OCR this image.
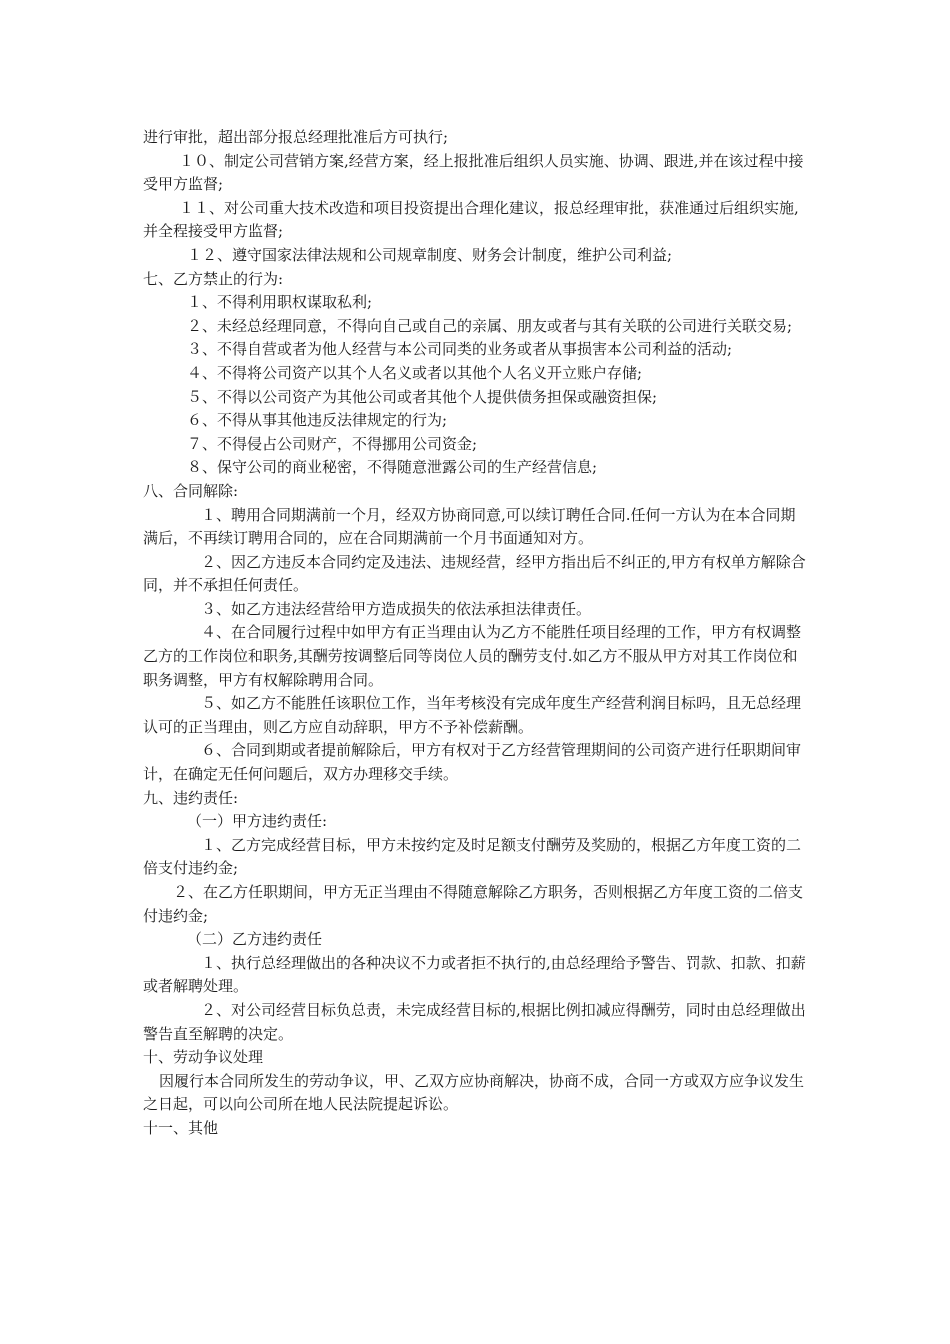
进行审批，超出部分报总经理批准后方可执行;

１０、制定公司营销方案,经营方案，经上报批准后组织人员实施、协调、跟进,并在该过程中接受甲方监督;

１１、对公司重大技术改造和项目投资提出合理化建议，报总经理审批，获准通过后组织实施,并全程接受甲方监督;

１２、遵守国家法律法规和公司规章制度、财务会计制度，维护公司利益;

七、乙方禁止的行为:

１、不得利用职权谋取私利;

２、未经总经理同意，不得向自己或自己的亲属、朋友或者与其有关联的公司进行关联交易;

３、不得自营或者为他人经营与本公司同类的业务或者从事损害本公司利益的活动;

４、不得将公司资产以其个人名义或者以其他个人名义开立账户存储;

５、不得以公司资产为其他公司或者其他个人提供债务担保或融资担保;

６、不得从事其他违反法律规定的行为;

７、不得侵占公司财产，不得挪用公司资金;

８、保守公司的商业秘密，不得随意泄露公司的生产经营信息;

八、合同解除:

１、聘用合同期满前一个月，经双方协商同意,可以续订聘任合同.任何一方认为在本合同期满后，不再续订聘用合同的，应在合同期满前一个月书面通知对方。

２、因乙方违反本合同约定及违法、违规经营，经甲方指出后不纠正的,甲方有权单方解除合同，并不承担任何责任。

３、如乙方违法经营给甲方造成损失的依法承担法律责任。

４、在合同履行过程中如甲方有正当理由认为乙方不能胜任项目经理的工作，甲方有权调整乙方的工作岗位和职务,其酬劳按调整后同等岗位人员的酬劳支付.如乙方不服从甲方对其工作岗位和职务调整，甲方有权解除聘用合同。

５、如乙方不能胜任该职位工作，当年考核没有完成年度生产经营利润目标吗，且无总经理认可的正当理由，则乙方应自动辞职，甲方不予补偿薪酬。

６、合同到期或者提前解除后，甲方有权对于乙方经营管理期间的公司资产进行任职期间审计，在确定无任何问题后，双方办理移交手续。

九、违约责任:

（一）甲方违约责任:

１、乙方完成经营目标，甲方未按约定及时足额支付酬劳及奖励的，根据乙方年度工资的二倍支付违约金;

２、在乙方任职期间，甲方无正当理由不得随意解除乙方职务，否则根据乙方年度工资的二倍支付违约金;

（二）乙方违约责任

１、执行总经理做出的各种决议不力或者拒不执行的,由总经理给予警告、罚款、扣款、扣薪或者解聘处理。

２、对公司经营目标负总责，未完成经营目标的,根据比例扣减应得酬劳，同时由总经理做出警告直至解聘的决定。

十、劳动争议处理

因履行本合同所发生的劳动争议，甲、乙双方应协商解决，协商不成，合同一方或双方应争议发生之日起，可以向公司所在地人民法院提起诉讼。

十一、其他
